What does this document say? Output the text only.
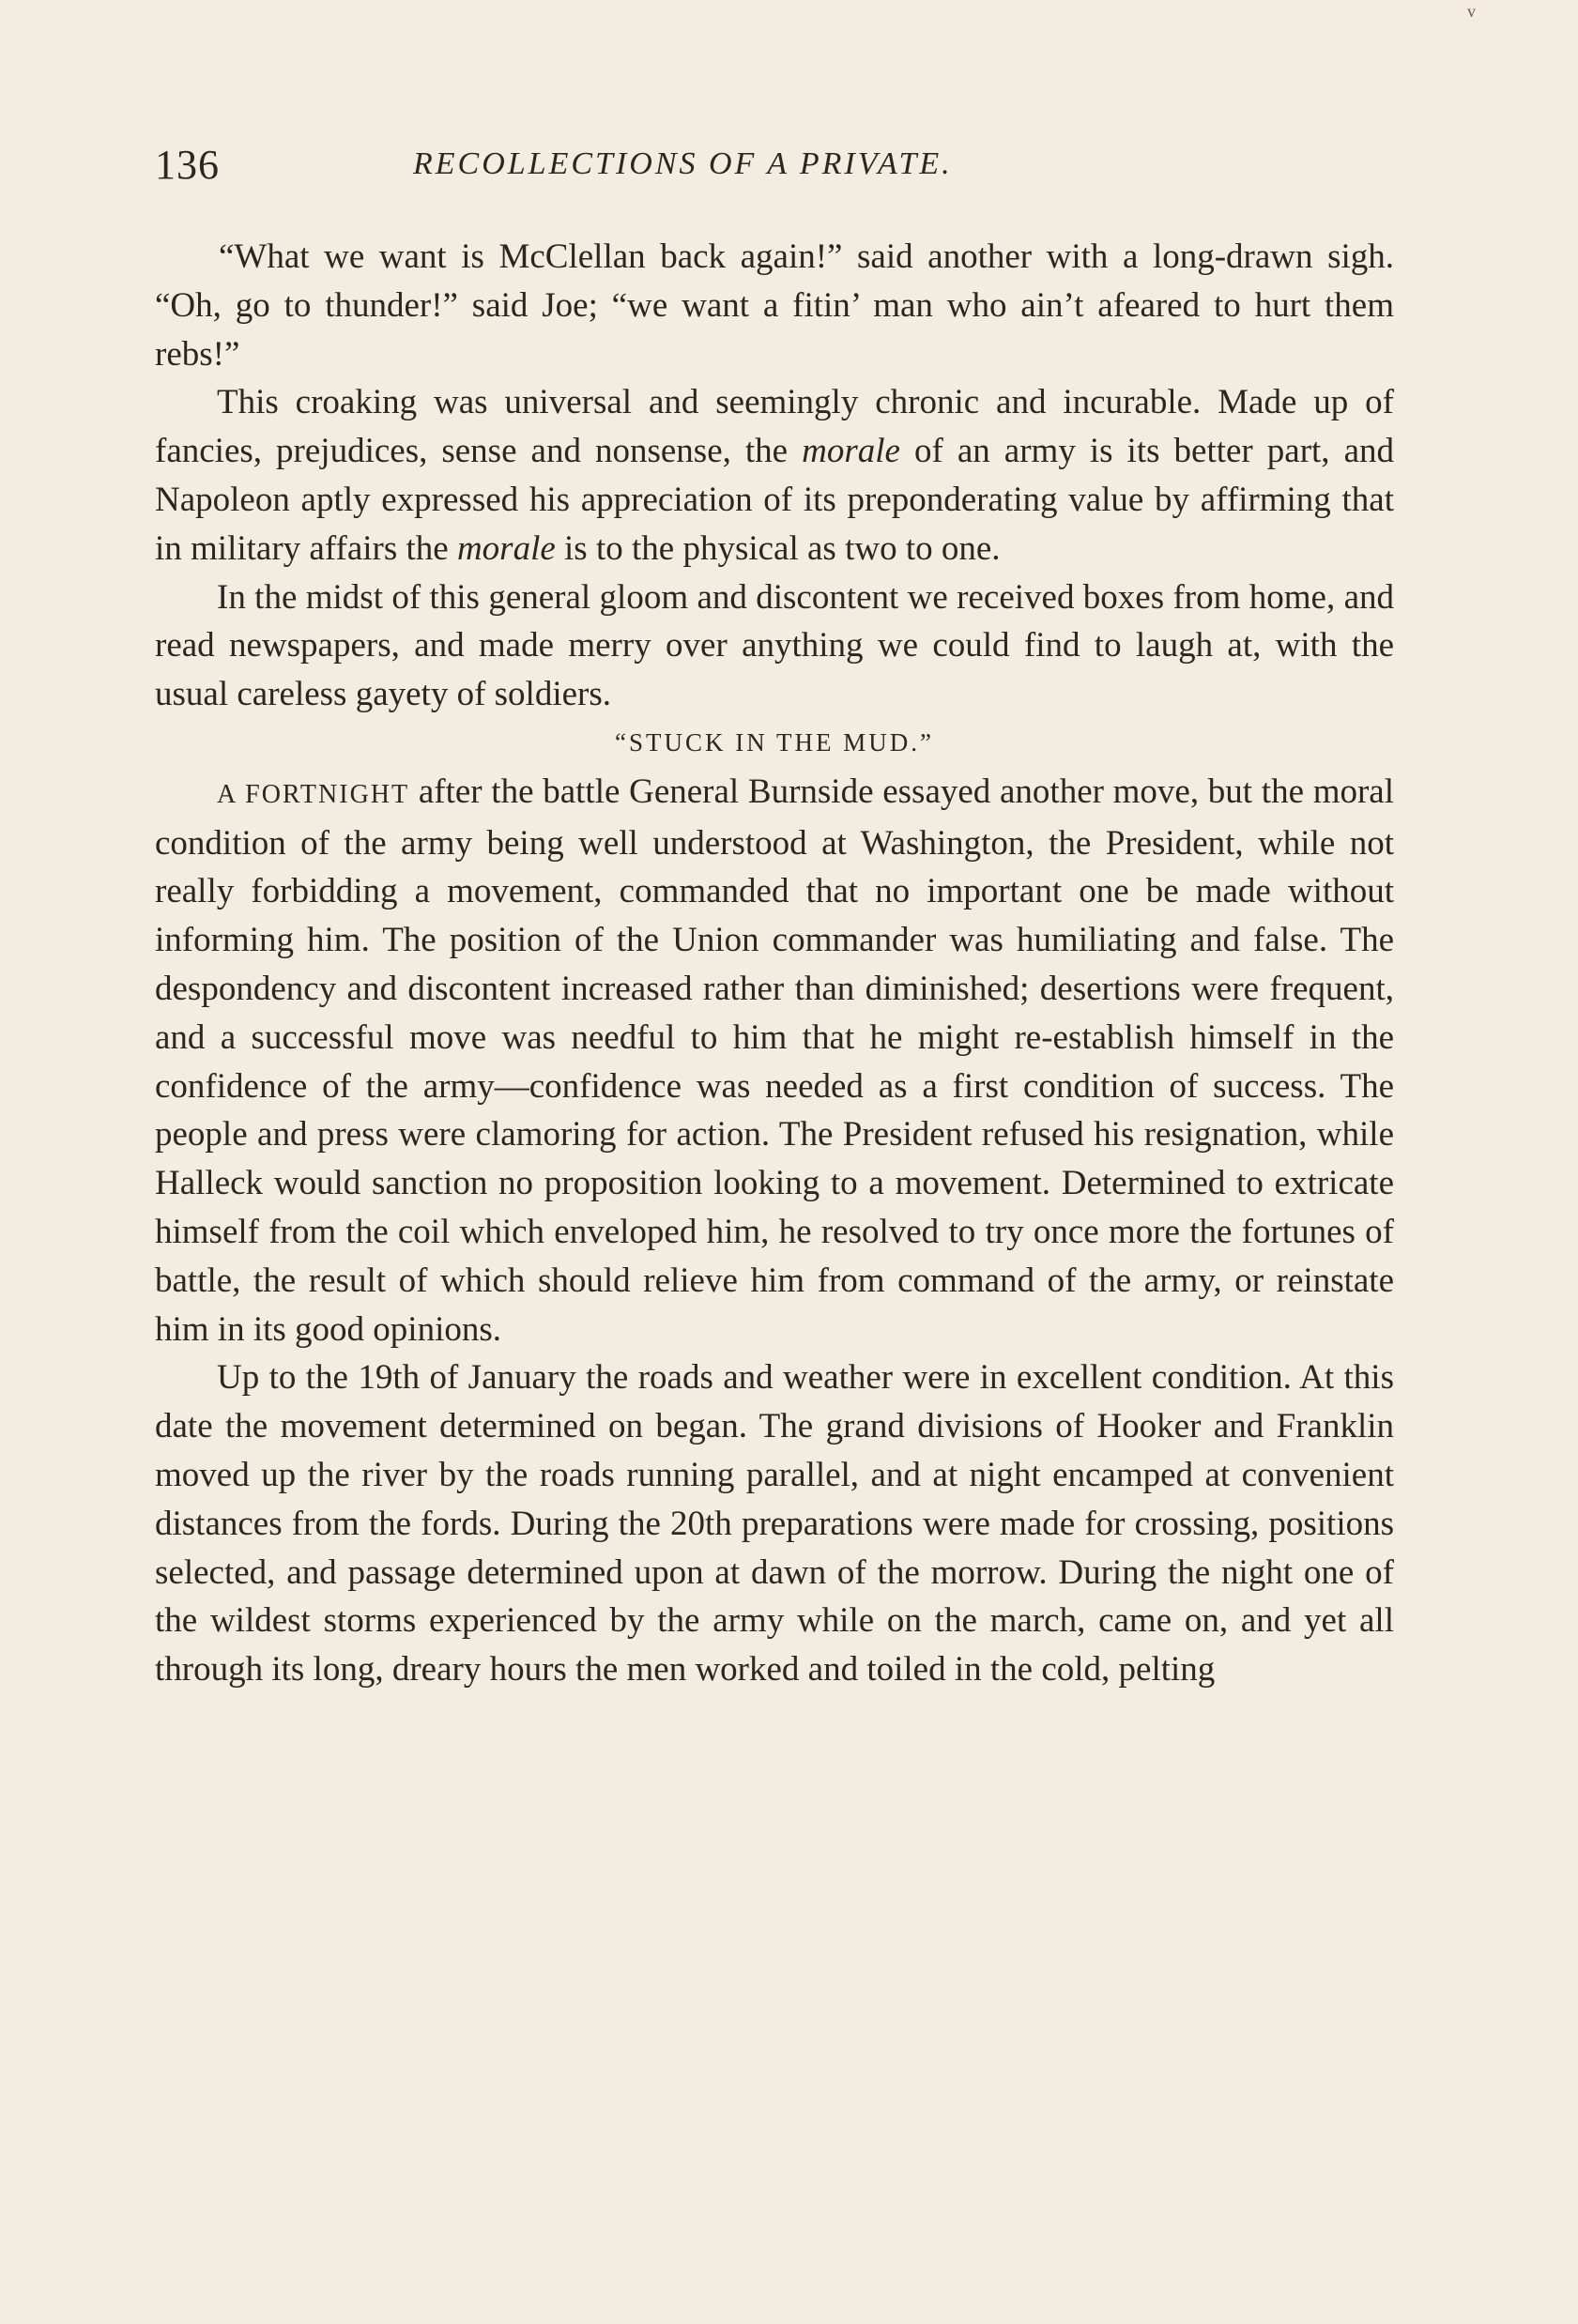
v
136	RECOLLECTIONS OF A PRIVATE.

“What we want is McClellan back again!” said another with a long-drawn sigh. “Oh, go to thunder!” said Joe; “we want a fitin’ man who ain’t afeared to hurt them rebs!”

This croaking was universal and seemingly chronic and incurable. Made up of fancies, prejudices, sense and nonsense, the morale of an army is its better part, and Napoleon aptly expressed his appreciation of its preponderating value by affirming that in military affairs the morale is to the physical as two to one.

In the midst of this general gloom and discontent we received boxes from home, and read newspapers, and made merry over anything we could find to laugh at, with the usual careless gayety of soldiers.

“STUCK IN THE MUD.”

A FORTNIGHT after the battle General Burnside essayed another move, but the moral condition of the army being well understood at Washington, the President, while not really forbidding a movement, commanded that no important one be made without informing him. The position of the Union commander was humiliating and false. The despondency and discontent increased rather than diminished; desertions were frequent, and a successful move was needful to him that he might re-establish himself in the confidence of the army—confidence was needed as a first condition of success. The people and press were clamoring for action. The President refused his resignation, while Halleck would sanction no proposition looking to a movement. Determined to extricate himself from the coil which enveloped him, he resolved to try once more the fortunes of battle, the result of which should relieve him from command of the army, or reinstate him in its good opinions.

Up to the 19th of January the roads and weather were in excellent condition. At this date the movement determined on began. The grand divisions of Hooker and Franklin moved up the river by the roads running parallel, and at night encamped at convenient distances from the fords. During the 20th preparations were made for crossing, positions selected, and passage determined upon at dawn of the morrow. During the night one of the wildest storms experienced by the army while on the march, came on, and yet all through its long, dreary hours the men worked and toiled in the cold, pelting
